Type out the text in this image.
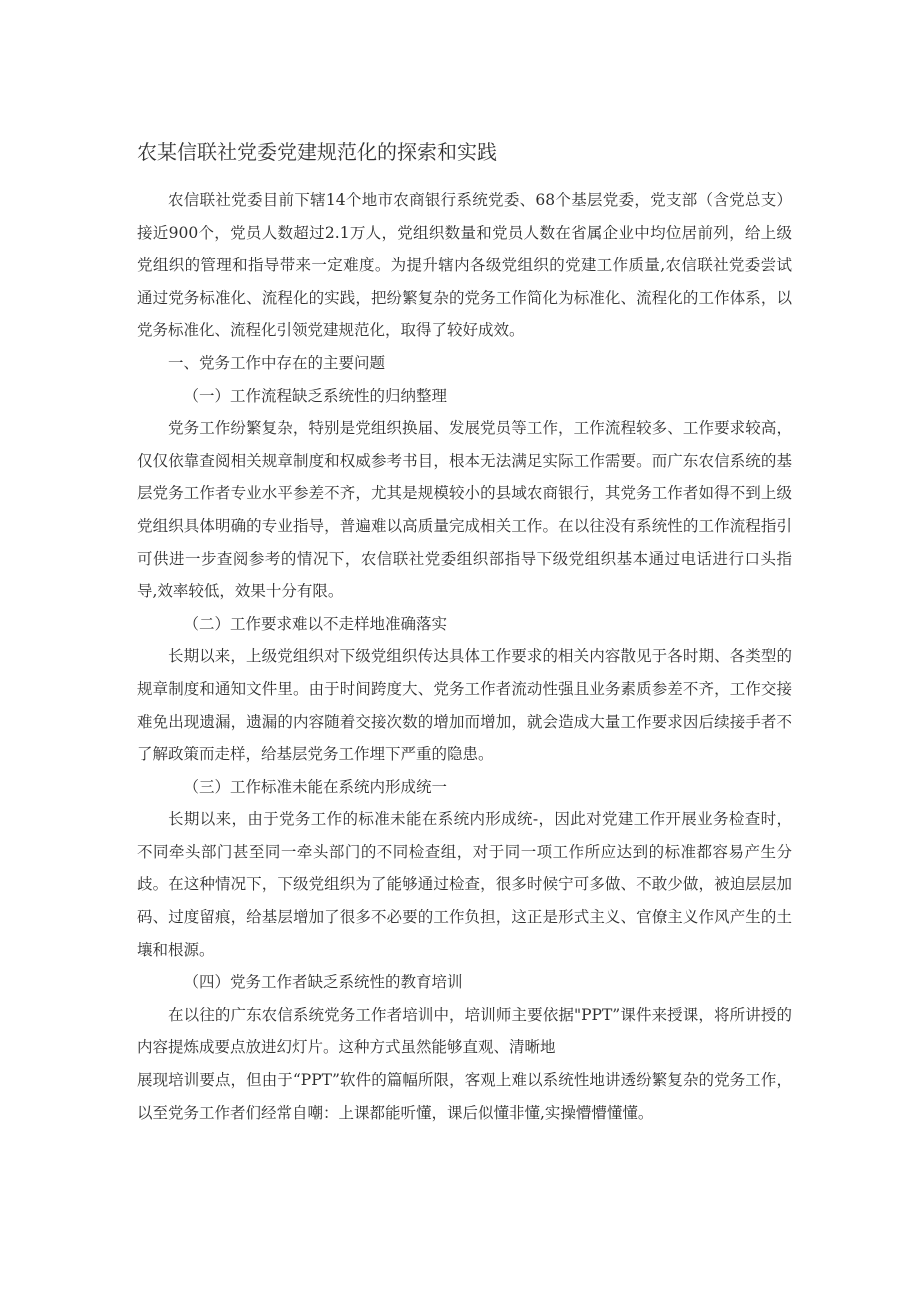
农某信联社党委党建规范化的探索和实践

农信联社党委目前下辖14个地市农商银行系统党委、68个基层党委，党支部（含党总支）接近900个，党员人数超过2.1万人，党组织数量和党员人数在省属企业中均位居前列，给上级党组织的管理和指导带来一定难度。为提升辖内各级党组织的党建工作质量,农信联社党委尝试通过党务标准化、流程化的实践，把纷繁复杂的党务工作简化为标准化、流程化的工作体系，以党务标准化、流程化引领党建规范化，取得了较好成效。

一、党务工作中存在的主要问题

（一）工作流程缺乏系统性的归纳整理

党务工作纷繁复杂，特别是党组织换届、发展党员等工作，工作流程较多、工作要求较高，仅仅依靠查阅相关规章制度和权威参考书目，根本无法满足实际工作需要。而广东农信系统的基层党务工作者专业水平参差不齐，尤其是规模较小的县域农商银行，其党务工作者如得不到上级党组织具体明确的专业指导，普遍难以高质量完成相关工作。在以往没有系统性的工作流程指引可供进一步查阅参考的情况下，农信联社党委组织部指导下级党组织基本通过电话进行口头指导,效率较低，效果十分有限。

（二）工作要求难以不走样地准确落实

长期以来，上级党组织对下级党组织传达具体工作要求的相关内容散见于各时期、各类型的规章制度和通知文件里。由于时间跨度大、党务工作者流动性强且业务素质参差不齐，工作交接难免出现遗漏，遗漏的内容随着交接次数的增加而增加，就会造成大量工作要求因后续接手者不了解政策而走样，给基层党务工作埋下严重的隐患。

（三）工作标准未能在系统内形成统一

长期以来，由于党务工作的标准未能在系统内形成统-，因此对党建工作开展业务检查时，不同牵头部门甚至同一牵头部门的不同检查组，对于同一项工作所应达到的标准都容易产生分歧。在这种情况下，下级党组织为了能够通过检查，很多时候宁可多做、不敢少做，被迫层层加码、过度留痕，给基层增加了很多不必要的工作负担，这正是形式主义、官僚主义作风产生的土壤和根源。

（四）党务工作者缺乏系统性的教育培训

在以往的广东农信系统党务工作者培训中，培训师主要依据"PPT”课件来授课，将所讲授的内容提炼成要点放进幻灯片。这种方式虽然能够直观、清晰地

展现培训要点，但由于“PPT”软件的篇幅所限，客观上难以系统性地讲透纷繁复杂的党务工作，以至党务工作者们经常自嘲：上课都能听懂，课后似懂非懂,实操懵懵懂懂。
